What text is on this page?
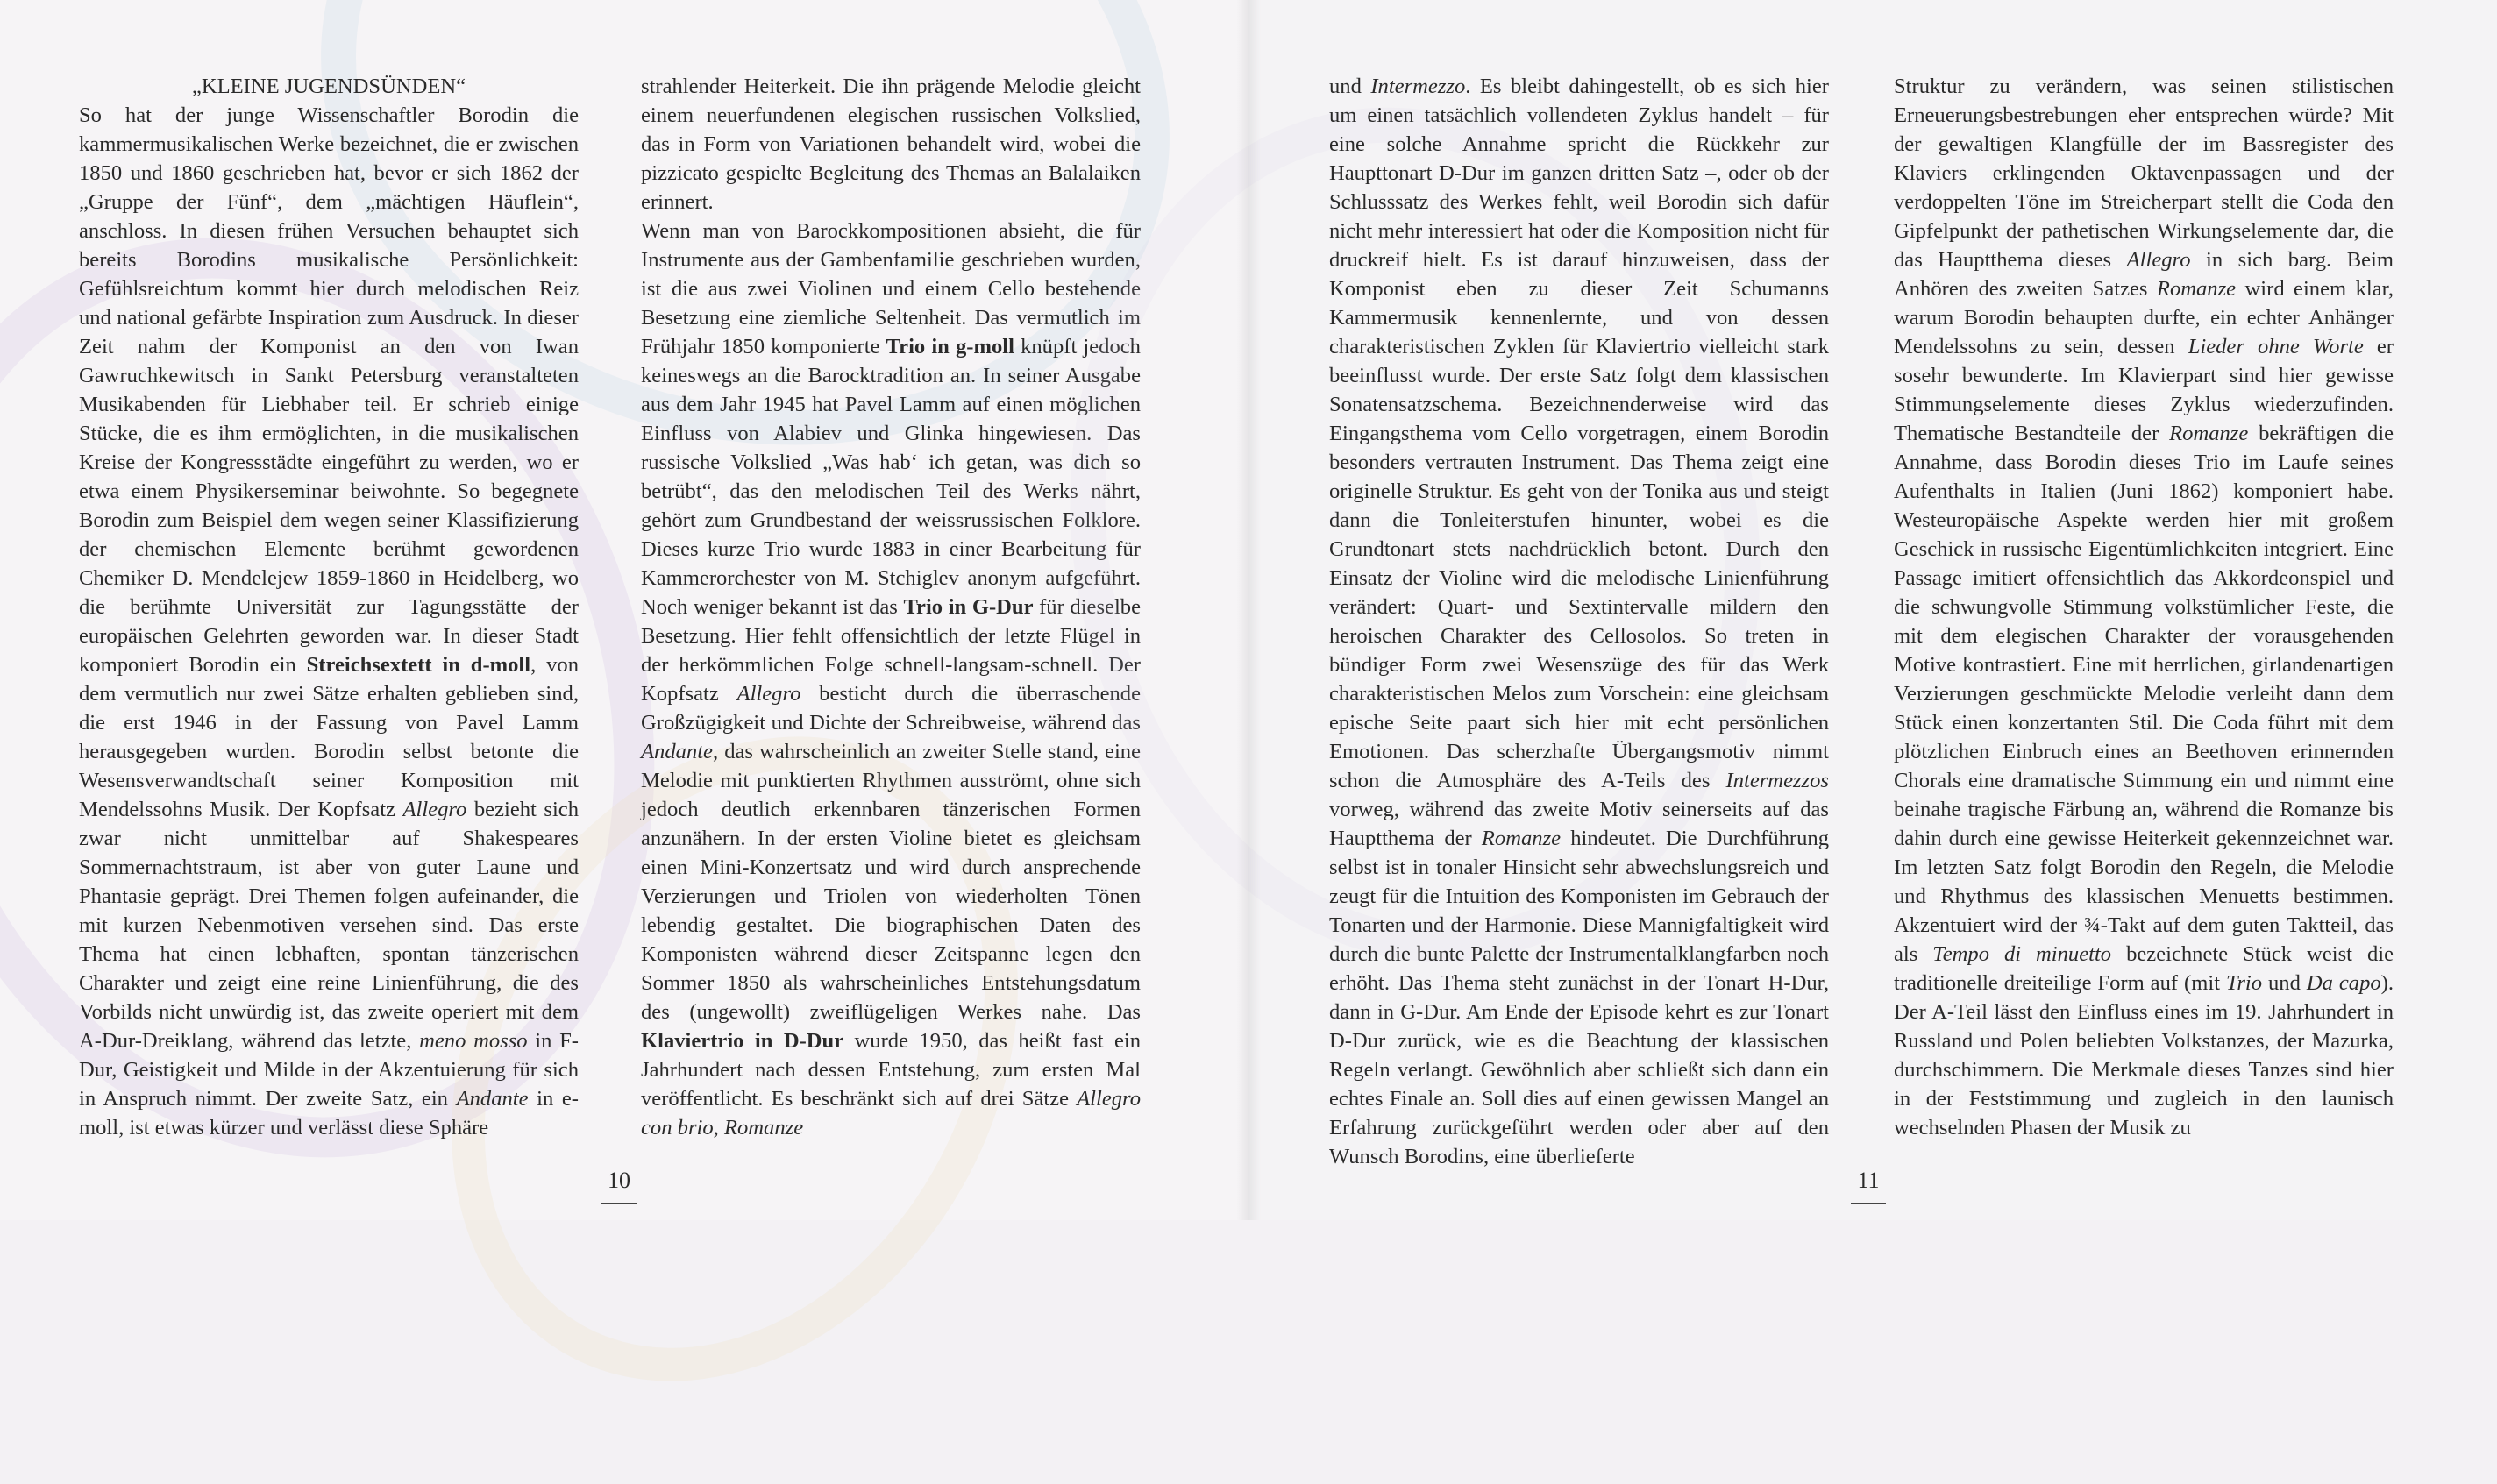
„KLEINE JUGENDSÜNDEN“

So hat der junge Wissenschaftler Borodin die kammermusikalischen Werke bezeichnet, die er zwischen 1850 und 1860 geschrieben hat, bevor er sich 1862 der „Gruppe der Fünf“, dem „mächtigen Häuflein“, anschloss. In diesen frühen Versuchen behauptet sich bereits Borodins musikalische Persönlichkeit: Gefühlsreichtum kommt hier durch melodischen Reiz und national gefärbte Inspiration zum Ausdruck. In dieser Zeit nahm der Komponist an den von Iwan Gawruchkewitsch in Sankt Petersburg veranstalteten Musikabenden für Liebhaber teil. Er schrieb einige Stücke, die es ihm ermöglichten, in die musikalischen Kreise der Kongressstädte eingeführt zu werden, wo er etwa einem Physikerseminar beiwohnte. So begegnete Borodin zum Beispiel dem wegen seiner Klassifizierung der chemischen Elemente berühmt gewordenen Chemiker D. Mendelejew 1859-1860 in Heidelberg, wo die berühmte Universität zur Tagungsstätte der europäischen Gelehrten geworden war. In dieser Stadt komponiert Borodin ein Streichsextett in d-moll, von dem vermutlich nur zwei Sätze erhalten geblieben sind, die erst 1946 in der Fassung von Pavel Lamm herausgegeben wurden. Borodin selbst betonte die Wesensverwandtschaft seiner Komposition mit Mendelssohns Musik. Der Kopfsatz Allegro bezieht sich zwar nicht unmittelbar auf Shakespeares Sommernachtstraum, ist aber von guter Laune und Phantasie geprägt. Drei Themen folgen aufeinander, die mit kurzen Nebenmotiven versehen sind. Das erste Thema hat einen lebhaften, spontan tänzerischen Charakter und zeigt eine reine Linienführung, die des Vorbilds nicht unwürdig ist, das zweite operiert mit dem A-Dur-Dreiklang, während das letzte, meno mosso in F-Dur, Geistigkeit und Milde in der Akzentuierung für sich in Anspruch nimmt. Der zweite Satz, ein Andante in e-moll, ist etwas kürzer und verlässt diese Sphäre

strahlender Heiterkeit. Die ihn prägende Melodie gleicht einem neuerfundenen elegischen russischen Volkslied, das in Form von Variationen behandelt wird, wobei die pizzicato gespielte Begleitung des Themas an Balalaiken erinnert.

Wenn man von Barockkompositionen absieht, die für Instrumente aus der Gambenfamilie geschrieben wurden, ist die aus zwei Violinen und einem Cello bestehende Besetzung eine ziemliche Seltenheit. Das vermutlich im Frühjahr 1850 komponierte Trio in g-moll knüpft jedoch keineswegs an die Barocktradition an. In seiner Ausgabe aus dem Jahr 1945 hat Pavel Lamm auf einen möglichen Einfluss von Alabiev und Glinka hingewiesen. Das russische Volkslied „Was hab‘ ich getan, was dich so betrübt“, das den melodischen Teil des Werks nährt, gehört zum Grundbestand der weissrussischen Folklore. Dieses kurze Trio wurde 1883 in einer Bearbeitung für Kammerorchester von M. Stchiglev anonym aufgeführt. Noch weniger bekannt ist das Trio in G-Dur für dieselbe Besetzung. Hier fehlt offensichtlich der letzte Flügel in der herkömmlichen Folge schnell-langsam-schnell. Der Kopfsatz Allegro besticht durch die überraschende Großzügigkeit und Dichte der Schreibweise, während das Andante, das wahrscheinlich an zweiter Stelle stand, eine Melodie mit punktierten Rhythmen ausströmt, ohne sich jedoch deutlich erkennbaren tänzerischen Formen anzunähern. In der ersten Violine bietet es gleichsam einen Mini-Konzertsatz und wird durch ansprechende Verzierungen und Triolen von wiederholten Tönen lebendig gestaltet. Die biographischen Daten des Komponisten während dieser Zeitspanne legen den Sommer 1850 als wahrscheinliches Entstehungsdatum des (ungewollt) zweiflügeligen Werkes nahe. Das Klaviertrio in D-Dur wurde 1950, das heißt fast ein Jahrhundert nach dessen Entstehung, zum ersten Mal veröffentlicht. Es beschränkt sich auf drei Sätze Allegro con brio, Romanze

10

und Intermezzo. Es bleibt dahingestellt, ob es sich hier um einen tatsächlich vollendeten Zyklus handelt – für eine solche Annahme spricht die Rückkehr zur Haupttonart D-Dur im ganzen dritten Satz –, oder ob der Schlusssatz des Werkes fehlt, weil Borodin sich dafür nicht mehr interessiert hat oder die Komposition nicht für druckreif hielt. Es ist darauf hinzuweisen, dass der Komponist eben zu dieser Zeit Schumanns Kammermusik kennenlernte, und von dessen charakteristischen Zyklen für Klaviertrio vielleicht stark beeinflusst wurde. Der erste Satz folgt dem klassischen Sonatensatzschema. Bezeichnenderweise wird das Eingangsthema vom Cello vorgetragen, einem Borodin besonders vertrauten Instrument. Das Thema zeigt eine originelle Struktur. Es geht von der Tonika aus und steigt dann die Tonleiterstufen hinunter, wobei es die Grundtonart stets nachdrücklich betont. Durch den Einsatz der Violine wird die melodische Linienführung verändert: Quart- und Sextintervalle mildern den heroischen Charakter des Cellosolos. So treten in bündiger Form zwei Wesenszüge des für das Werk charakteristischen Melos zum Vorschein: eine gleichsam epische Seite paart sich hier mit echt persönlichen Emotionen. Das scherzhafte Übergangsmotiv nimmt schon die Atmosphäre des A-Teils des Intermezzos vorweg, während das zweite Motiv seinerseits auf das Hauptthema der Romanze hindeutet. Die Durchführung selbst ist in tonaler Hinsicht sehr abwechslungsreich und zeugt für die Intuition des Komponisten im Gebrauch der Tonarten und der Harmonie. Diese Mannigfaltigkeit wird durch die bunte Palette der Instrumentalklangfarben noch erhöht. Das Thema steht zunächst in der Tonart H-Dur, dann in G-Dur. Am Ende der Episode kehrt es zur Tonart D-Dur zurück, wie es die Beachtung der klassischen Regeln verlangt. Gewöhnlich aber schließt sich dann ein echtes Finale an. Soll dies auf einen gewissen Mangel an Erfahrung zurückgeführt werden oder aber auf den Wunsch Borodins, eine überlieferte

Struktur zu verändern, was seinen stilistischen Erneuerungsbestrebungen eher entsprechen würde? Mit der gewaltigen Klangfülle der im Bassregister des Klaviers erklingenden Oktavenpassagen und der verdoppelten Töne im Streicherpart stellt die Coda den Gipfelpunkt der pathetischen Wirkungselemente dar, die das Hauptthema dieses Allegro in sich barg. Beim Anhören des zweiten Satzes Romanze wird einem klar, warum Borodin behaupten durfte, ein echter Anhänger Mendelssohns zu sein, dessen Lieder ohne Worte er sosehr bewunderte. Im Klavierpart sind hier gewisse Stimmungselemente dieses Zyklus wiederzufinden. Thematische Bestandteile der Romanze bekräftigen die Annahme, dass Borodin dieses Trio im Laufe seines Aufenthalts in Italien (Juni 1862) komponiert habe. Westeuropäische Aspekte werden hier mit großem Geschick in russische Eigentümlichkeiten integriert. Eine Passage imitiert offensichtlich das Akkordeonspiel und die schwungvolle Stimmung volkstümlicher Feste, die mit dem elegischen Charakter der vorausgehenden Motive kontrastiert. Eine mit herrlichen, girlandenartigen Verzierungen geschmückte Melodie verleiht dann dem Stück einen konzertanten Stil. Die Coda führt mit dem plötzlichen Einbruch eines an Beethoven erinnernden Chorals eine dramatische Stimmung ein und nimmt eine beinahe tragische Färbung an, während die Romanze bis dahin durch eine gewisse Heiterkeit gekennzeichnet war. Im letzten Satz folgt Borodin den Regeln, die Melodie und Rhythmus des klassischen Menuetts bestimmen. Akzentuiert wird der ¾-Takt auf dem guten Taktteil, das als Tempo di minuetto bezeichnete Stück weist die traditionelle dreiteilige Form auf (mit Trio und Da capo). Der A-Teil lässt den Einfluss eines im 19. Jahrhundert in Russland und Polen beliebten Volkstanzes, der Mazurka, durchschimmern. Die Merkmale dieses Tanzes sind hier in der Feststimmung und zugleich in den launisch wechselnden Phasen der Musik zu

11
